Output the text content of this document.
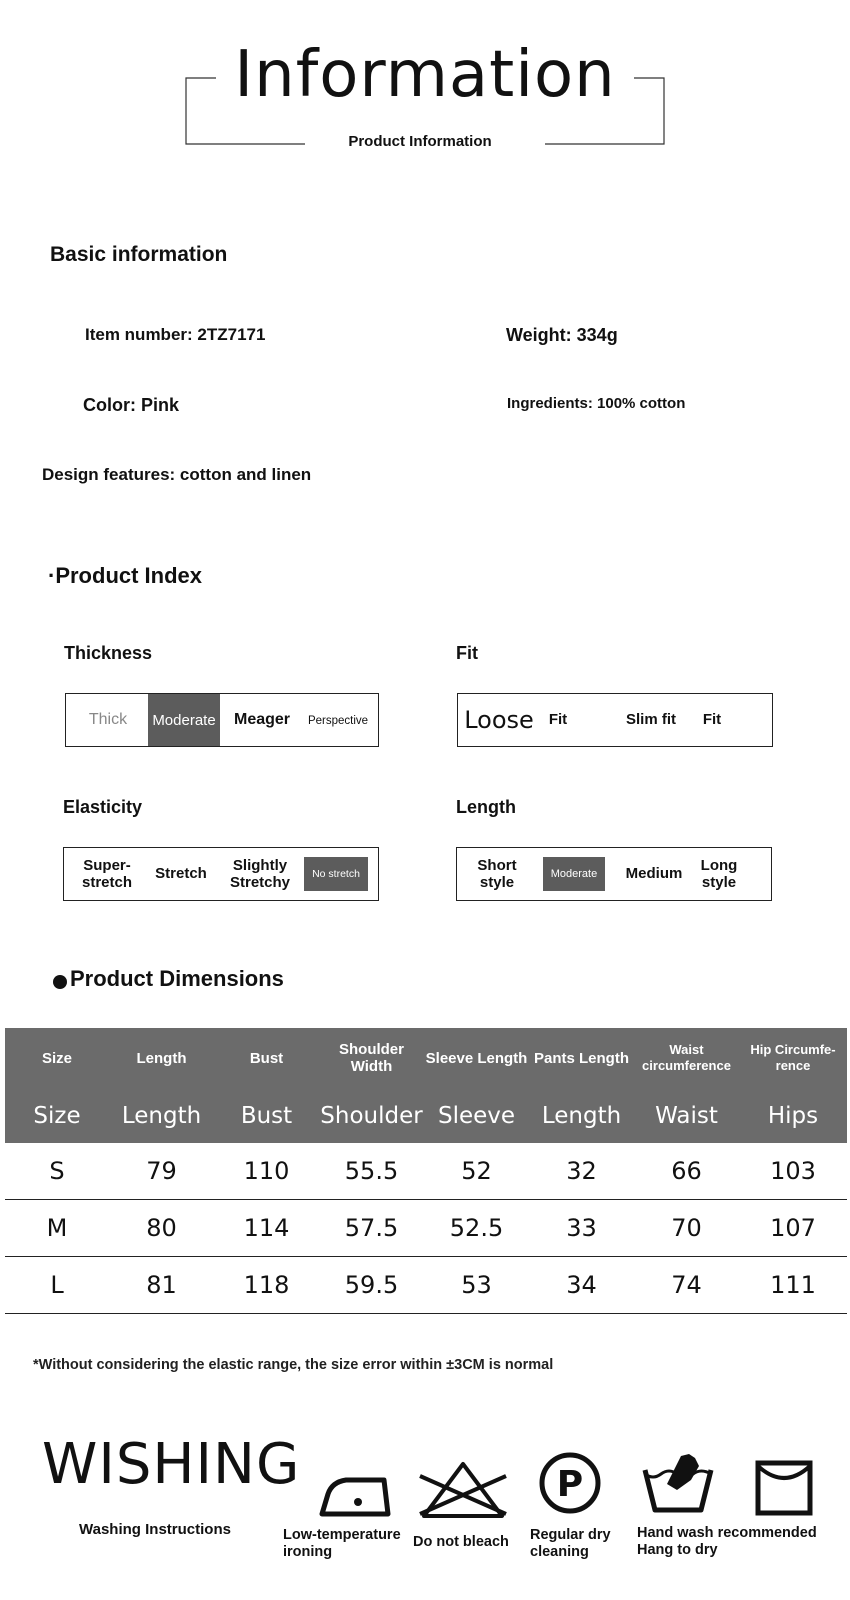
Information
Product Information
Basic information
Item number: 2TZ7171	Weight: 334g
Color: Pink	Ingredients: 100% cotton
Design features: cotton and linen
·Product Index
Thickness
Thick	Moderate Meager	Perspective
Fit
Loose	Fit	Slim fit	Fit
Elasticity
Super-
stretch
Stretch	Slightly
Stretchy
No stretch
Length
Short
style
Moderate	Medium	Long
style
Product Dimensions
Size	Length	Bust	Shoulder Width	Sleeve Length	Pants Length	Waist circumference	Hip Circumfe-rence
Size	Length	Bust	Shoulder	Sleeve	Length	Waist	Hips
S	79	110	55.5	52	32	66	103
M	80	114	57.5	52.5	33	70	107
L	81	118	59.5	53	34	74	111
*Without considering the elastic range, the size error within ±3CM is normal
WISHING
Washing Instructions	Low-temperature
ironing
Do not bleach
P
Regular dry
cleaning
Hand wash recommended
Hang to dry
